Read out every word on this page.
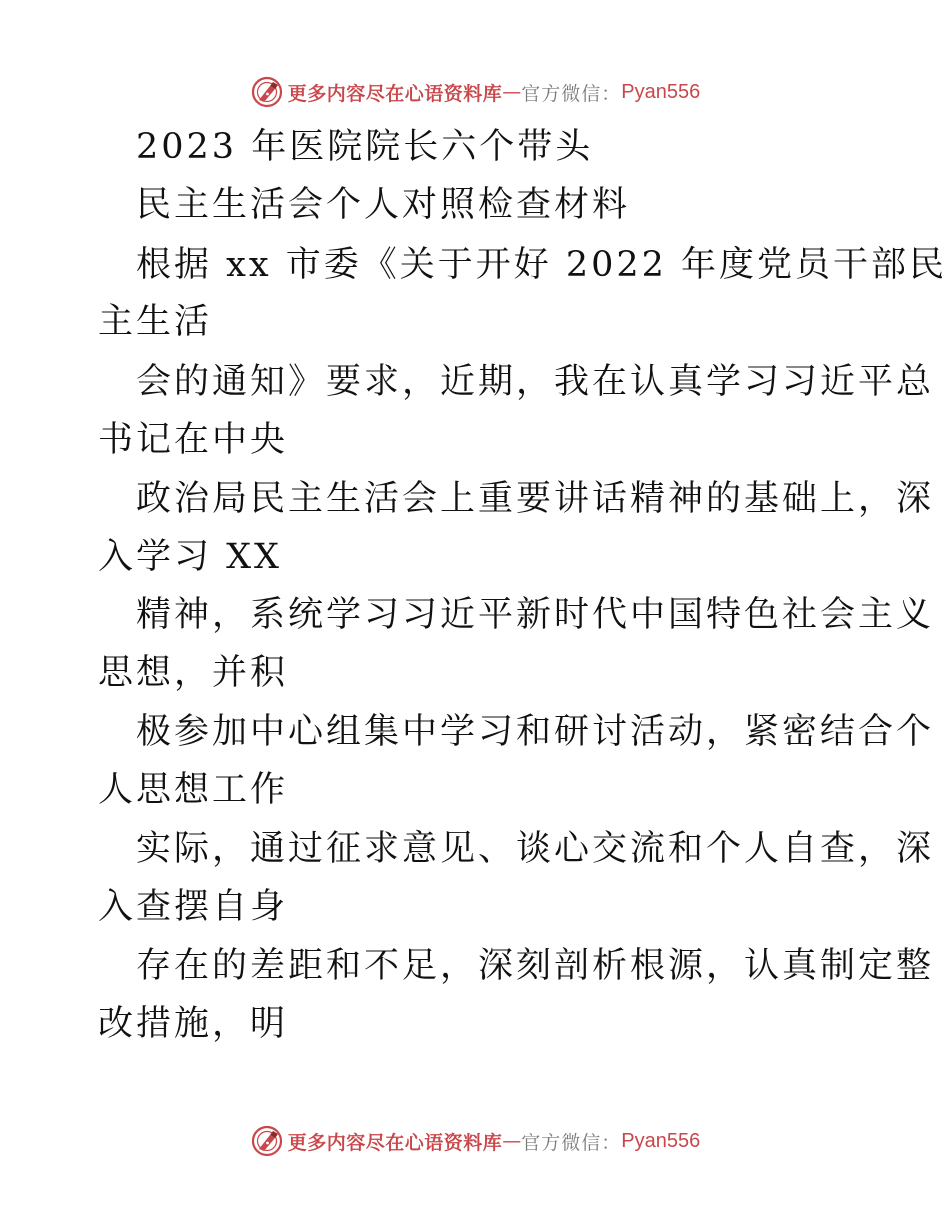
更多内容尽在心语资料库 — 官方微信： Pyan556
2023 年医院院长六个带头
民主生活会个人对照检查材料
根据 xx 市委《关于开好 2022 年度党员干部民
主生活
会的通知》要求，近期，我在认真学习习近平总
书记在中央
政治局民主生活会上重要讲话精神的基础上，深
入学习 XX
精神，系统学习习近平新时代中国特色社会主义
思想，并积
极参加中心组集中学习和研讨活动，紧密结合个
人思想工作
实际，通过征求意见、谈心交流和个人自查，深
入查摆自身
存在的差距和不足，深刻剖析根源，认真制定整
改措施，明
更多内容尽在心语资料库 — 官方微信： Pyan556
